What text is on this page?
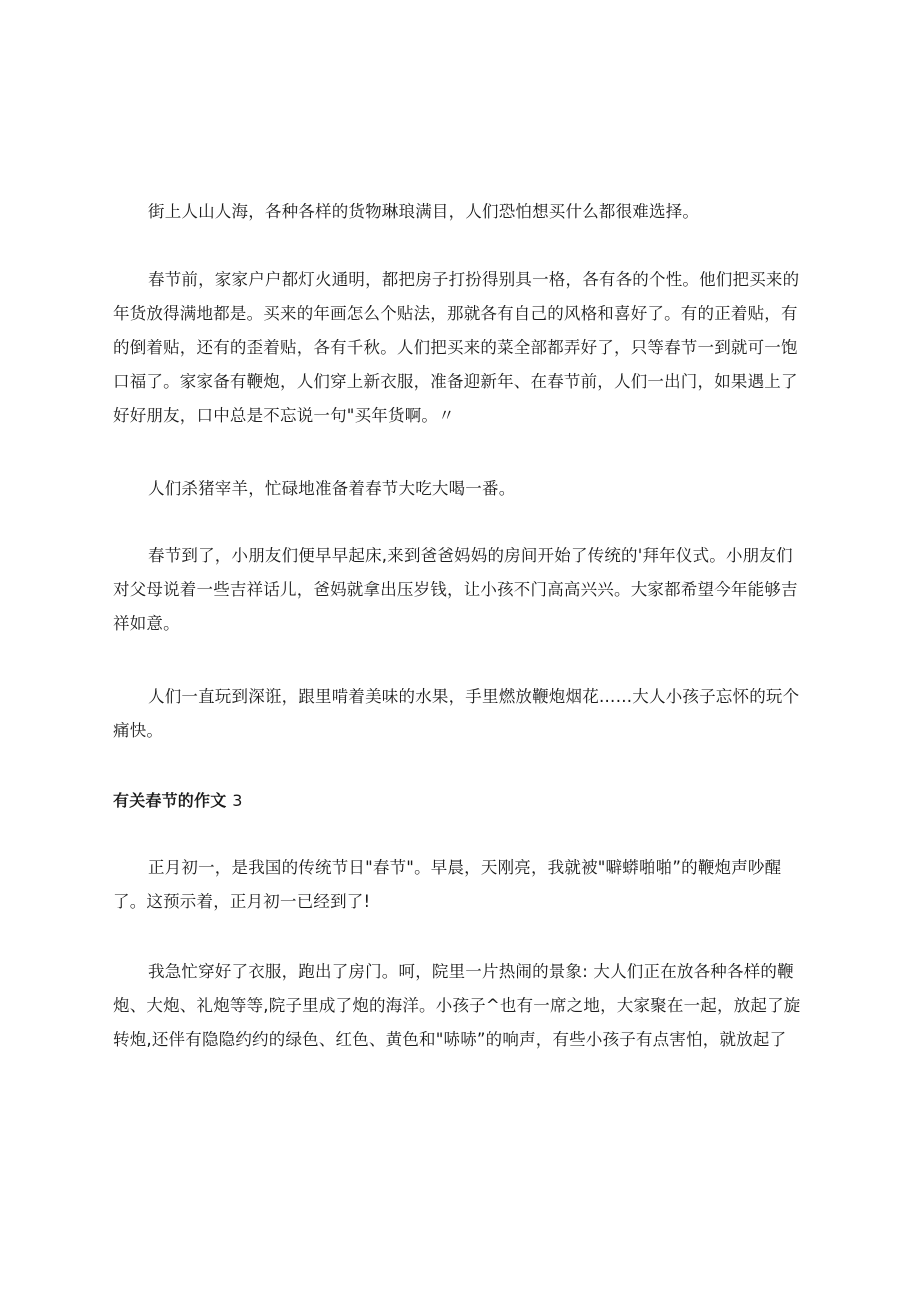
街上人山人海，各种各样的货物琳琅满目，人们恐怕想买什么都很难选择。
春节前，家家户户都灯火通明，都把房子打扮得别具一格，各有各的个性。他们把买来的
年货放得满地都是。买来的年画怎么个贴法，那就各有自己的风格和喜好了。有的正着贴，有
的倒着贴，还有的歪着贴，各有千秋。人们把买来的菜全部都弄好了，只等春节一到就可一饱
口福了。家家备有鞭炮，人们穿上新衣服，准备迎新年、在春节前，人们一出门，如果遇上了
好好朋友，口中总是不忘说一句"买年货啊。〃
人们杀猪宰羊，忙碌地准备着春节大吃大喝一番。
春节到了，小朋友们便早早起床,来到爸爸妈妈的房间开始了传统的'拜年仪式。小朋友们
对父母说着一些吉祥话儿，爸妈就拿出压岁钱，让小孩不门高高兴兴。大家都希望今年能够吉
祥如意。
人们一直玩到深诳，跟里啃着美味的水果，手里燃放鞭炮烟花……大人小孩子忘怀的玩个
痛快。
有关春节的作文 3
正月初一，是我国的传统节日"春节"。早晨，天刚亮，我就被"噼蟒啪啪”的鞭炮声吵醒
了。这预示着，正月初一已经到了!
我急忙穿好了衣服，跑出了房门。呵，院里一片热闹的景象: 大人们正在放各种各样的鞭
炮、大炮、礼炮等等,院子里成了炮的海洋。小孩子^也有一席之地，大家聚在一起，放起了旋
转炮,还伴有隐隐约约的绿色、红色、黄色和"哧哧”的响声，有些小孩子有点害怕，就放起了
